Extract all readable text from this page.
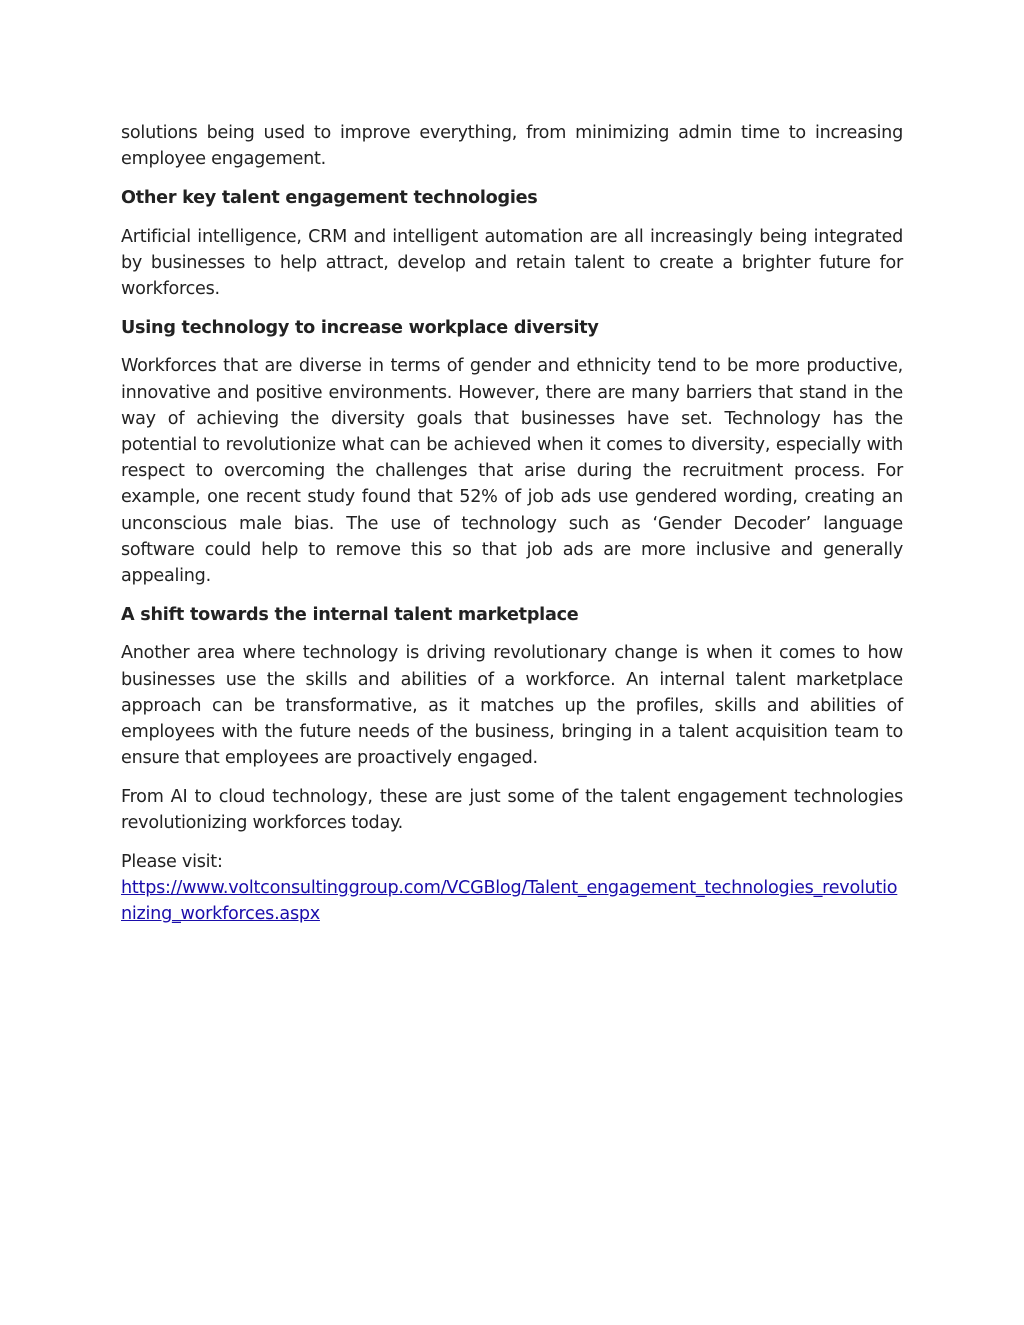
solutions being used to improve everything, from minimizing admin time to increasing employee engagement.

Other key talent engagement technologies

Artificial intelligence, CRM and intelligent automation are all increasingly being integrated by businesses to help attract, develop and retain talent to create a brighter future for workforces.

Using technology to increase workplace diversity

Workforces that are diverse in terms of gender and ethnicity tend to be more productive, innovative and positive environments. However, there are many barriers that stand in the way of achieving the diversity goals that businesses have set. Technology has the potential to revolutionize what can be achieved when it comes to diversity, especially with respect to overcoming the challenges that arise during the recruitment process. For example, one recent study found that 52% of job ads use gendered wording, creating an unconscious male bias. The use of technology such as ‘Gender Decoder’ language software could help to remove this so that job ads are more inclusive and generally appealing.

A shift towards the internal talent marketplace

Another area where technology is driving revolutionary change is when it comes to how businesses use the skills and abilities of a workforce. An internal talent marketplace approach can be transformative, as it matches up the profiles, skills and abilities of employees with the future needs of the business, bringing in a talent acquisition team to ensure that employees are proactively engaged.

From AI to cloud technology, these are just some of the talent engagement technologies revolutionizing workforces today.

Please visit:
https://www.voltconsultinggroup.com/VCGBlog/Talent_engagement_technologies_revolutionizing_workforces.aspx
